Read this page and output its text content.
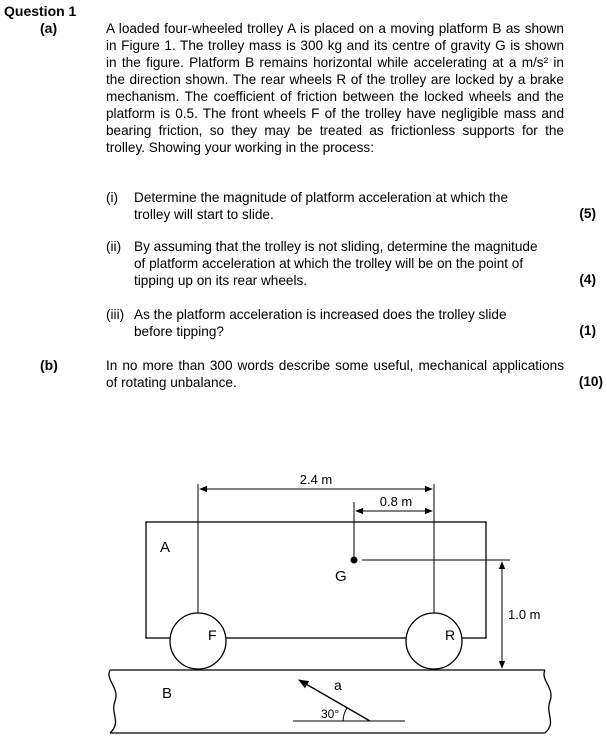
Question 1
(a)	A loaded four-wheeled trolley A is placed on a moving platform B as shown in Figure 1. The trolley mass is 300 kg and its centre of gravity G is shown in the figure. Platform B remains horizontal while accelerating at a m/s² in the direction shown. The rear wheels R of the trolley are locked by a brake mechanism. The coefficient of friction between the locked wheels and the platform is 0.5. The front wheels F of the trolley have negligible mass and bearing friction, so they may be treated as frictionless supports for the trolley. Showing your working in the process:
(i) Determine the magnitude of platform acceleration at which the
trolley will start to slide.	(5)
(ii) By assuming that the trolley is not sliding, determine the magnitude
of platform acceleration at which the trolley will be on the point of
tipping up on its rear wheels.	(4)
(iii) As the platform acceleration is increased does the trolley slide
before tipping?	(1)
(b)	In no more than 300 words describe some useful, mechanical applications of rotating unbalance.	(10)
B
A
F	R
2.4 m
0.8 m
G
1.0 m
a
30°
